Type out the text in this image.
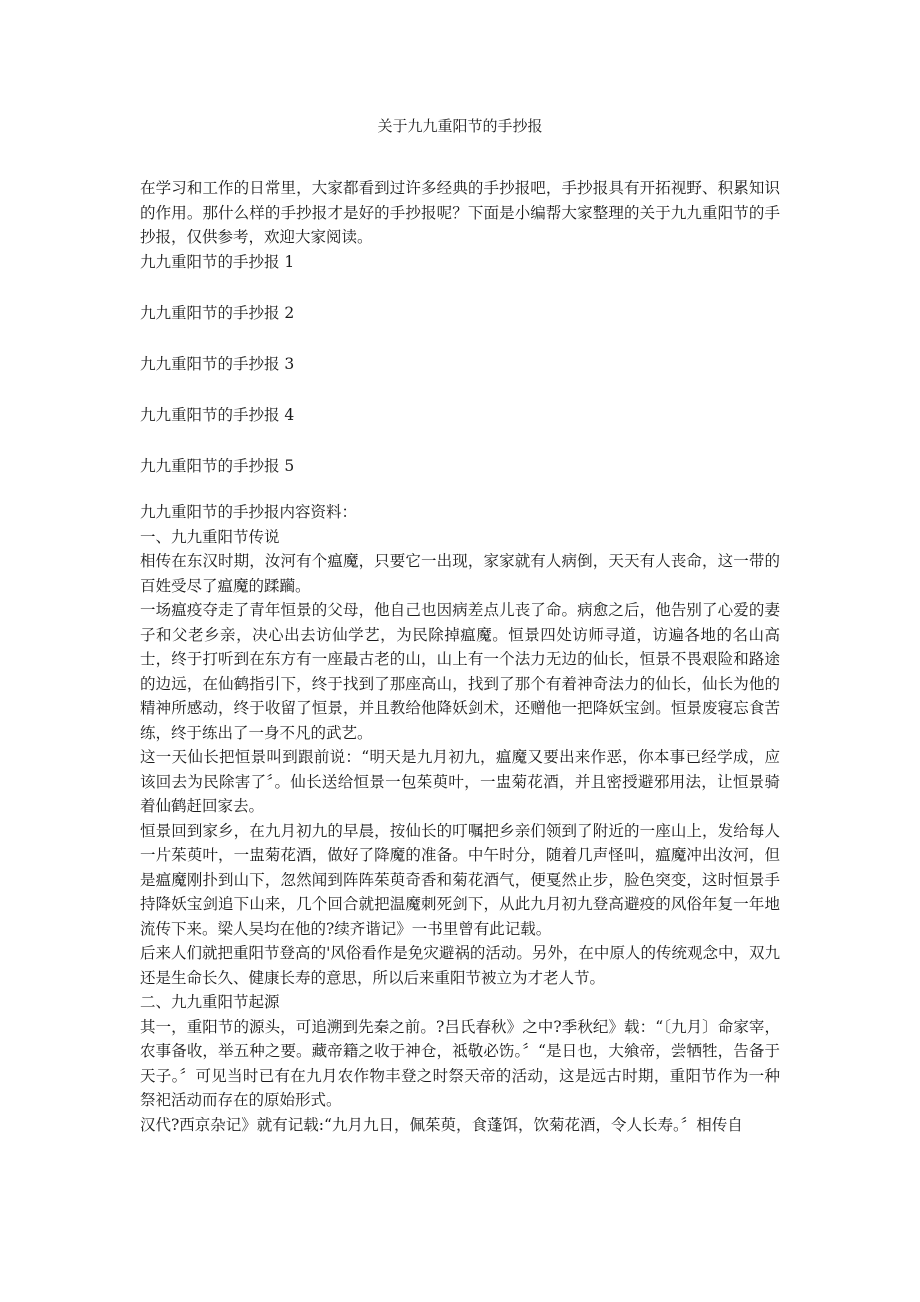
关于九九重阳节的手抄报

在学习和工作的日常里，大家都看到过许多经典的手抄报吧，手抄报具有开拓视野、积累知识的作用。那什么样的手抄报才是好的手抄报呢？下面是小编帮大家整理的关于九九重阳节的手抄报，仅供参考，欢迎大家阅读。

九九重阳节的手抄报 1

九九重阳节的手抄报 2

九九重阳节的手抄报 3

九九重阳节的手抄报 4

九九重阳节的手抄报 5

九九重阳节的手抄报内容资料：

一、九九重阳节传说

相传在东汉时期，汝河有个瘟魔，只要它一出现，家家就有人病倒，天天有人丧命，这一带的百姓受尽了瘟魔的蹂躏。

一场瘟疫夺走了青年恒景的父母，他自己也因病差点儿丧了命。病愈之后，他告别了心爱的妻子和父老乡亲，决心出去访仙学艺，为民除掉瘟魔。恒景四处访师寻道，访遍各地的名山高士，终于打听到在东方有一座最古老的山，山上有一个法力无边的仙长，恒景不畏艰险和路途的边远，在仙鹤指引下，终于找到了那座高山，找到了那个有着神奇法力的仙长，仙长为他的精神所感动，终于收留了恒景，并且教给他降妖剑术，还赠他一把降妖宝剑。恒景废寝忘食苦练，终于练出了一身不凡的武艺。

这一天仙长把恒景叫到跟前说：“明天是九月初九，瘟魔又要出来作恶，你本事已经学成，应该回去为民除害了〞。仙长送给恒景一包茱萸叶，一盅菊花酒，并且密授避邪用法，让恒景骑着仙鹤赶回家去。

恒景回到家乡，在九月初九的早晨，按仙长的叮嘱把乡亲们领到了附近的一座山上，发给每人一片茱萸叶，一盅菊花酒，做好了降魔的准备。中午时分，随着几声怪叫，瘟魔冲出汝河，但是瘟魔刚扑到山下，忽然闻到阵阵茱萸奇香和菊花酒气，便戛然止步，脸色突变，这时恒景手持降妖宝剑追下山来，几个回合就把温魔刺死剑下，从此九月初九登高避疫的风俗年复一年地流传下来。梁人吴均在他的?续齐谐记》一书里曾有此记载。

后来人们就把重阳节登高的'风俗看作是免灾避祸的活动。另外，在中原人的传统观念中，双九还是生命长久、健康长寿的意思，所以后来重阳节被立为才老人节。

二、九九重阳节起源

其一，重阳节的源头，可追溯到先秦之前。?吕氏春秋》之中?季秋纪》载：“〔九月〕命家宰，农事备收，举五种之要。藏帝籍之收于神仓，祗敬必饬。〞“是日也，大飨帝，尝牺牲，告备于天子。〞可见当时已有在九月农作物丰登之时祭天帝的活动，这是远古时期，重阳节作为一种祭祀活动而存在的原始形式。

汉代?西京杂记》就有记载:“九月九日，佩茱萸，食蓬饵，饮菊花酒，令人长寿。〞相传自
